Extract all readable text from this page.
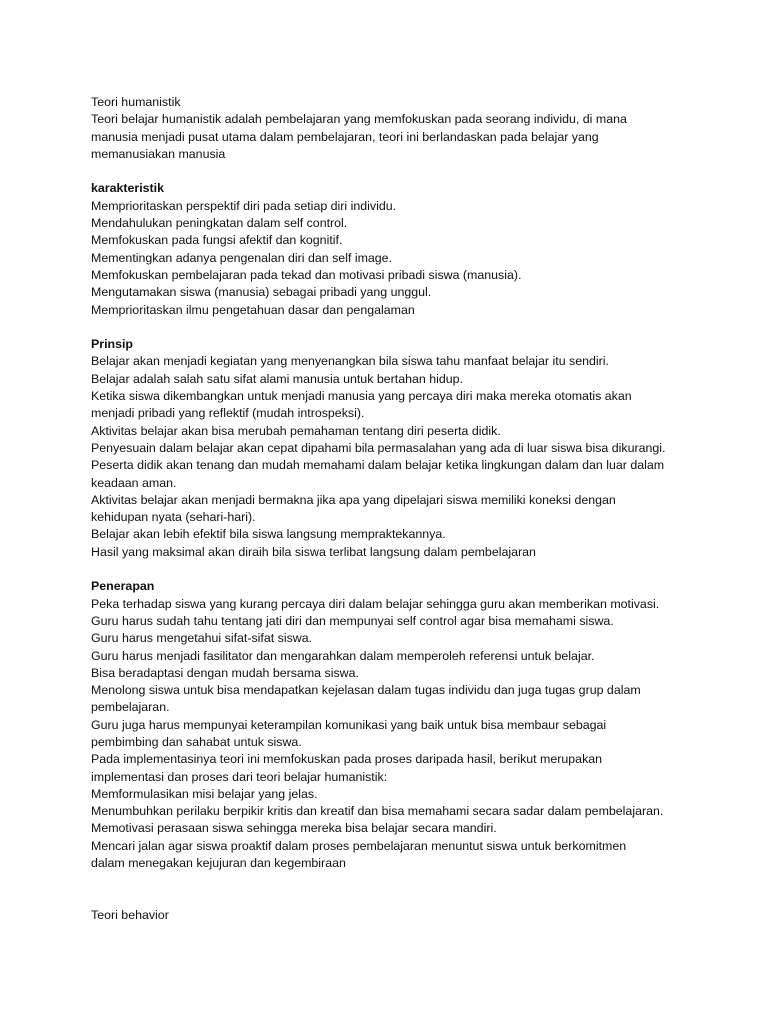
Teori humanistik
Teori belajar humanistik adalah pembelajaran yang memfokuskan pada seorang individu, di mana
manusia menjadi pusat utama dalam pembelajaran, teori ini berlandaskan pada belajar yang
memanusiakan manusia
karakteristik
Memprioritaskan perspektif diri pada setiap diri individu.
Mendahulukan peningkatan dalam self control.
Memfokuskan pada fungsi afektif dan kognitif.
Mementingkan adanya pengenalan diri dan self image.
Memfokuskan pembelajaran pada tekad dan motivasi pribadi siswa (manusia).
Mengutamakan siswa (manusia) sebagai pribadi yang unggul.
Memprioritaskan ilmu pengetahuan dasar dan pengalaman
Prinsip
Belajar akan menjadi kegiatan yang menyenangkan bila siswa tahu manfaat belajar itu sendiri.
Belajar adalah salah satu sifat alami manusia untuk bertahan hidup.
Ketika siswa dikembangkan untuk menjadi manusia yang percaya diri maka mereka otomatis akan
menjadi pribadi yang reflektif (mudah introspeksi).
Aktivitas belajar akan bisa merubah pemahaman tentang diri peserta didik.
Penyesuain dalam belajar akan cepat dipahami bila permasalahan yang ada di luar siswa bisa dikurangi.
Peserta didik akan tenang dan mudah memahami dalam belajar ketika lingkungan dalam dan luar dalam
keadaan aman.
Aktivitas belajar akan menjadi bermakna jika apa yang dipelajari siswa memiliki koneksi dengan
kehidupan nyata (sehari-hari).
Belajar akan lebih efektif bila siswa langsung mempraktekannya.
Hasil yang maksimal akan diraih bila siswa terlibat langsung dalam pembelajaran
Penerapan
Peka terhadap siswa yang kurang percaya diri dalam belajar sehingga guru akan memberikan motivasi.
Guru harus sudah tahu tentang jati diri dan mempunyai self control agar bisa memahami siswa.
Guru harus mengetahui sifat-sifat siswa.
Guru harus menjadi fasilitator dan mengarahkan dalam memperoleh referensi untuk belajar.
Bisa beradaptasi dengan mudah bersama siswa.
Menolong siswa untuk bisa mendapatkan kejelasan dalam tugas individu dan juga tugas grup dalam
pembelajaran.
Guru juga harus mempunyai keterampilan komunikasi yang baik untuk bisa membaur sebagai
pembimbing dan sahabat untuk siswa.
Pada implementasinya teori ini memfokuskan pada proses daripada hasil, berikut merupakan
implementasi dan proses dari teori belajar humanistik:
Memformulasikan misi belajar yang jelas.
Menumbuhkan perilaku berpikir kritis dan kreatif dan bisa memahami secara sadar dalam pembelajaran.
Memotivasi perasaan siswa sehingga mereka bisa belajar secara mandiri.
Mencari jalan agar siswa proaktif dalam proses pembelajaran menuntut siswa untuk berkomitmen
dalam menegakan kejujuran dan kegembiraan
Teori behavior
